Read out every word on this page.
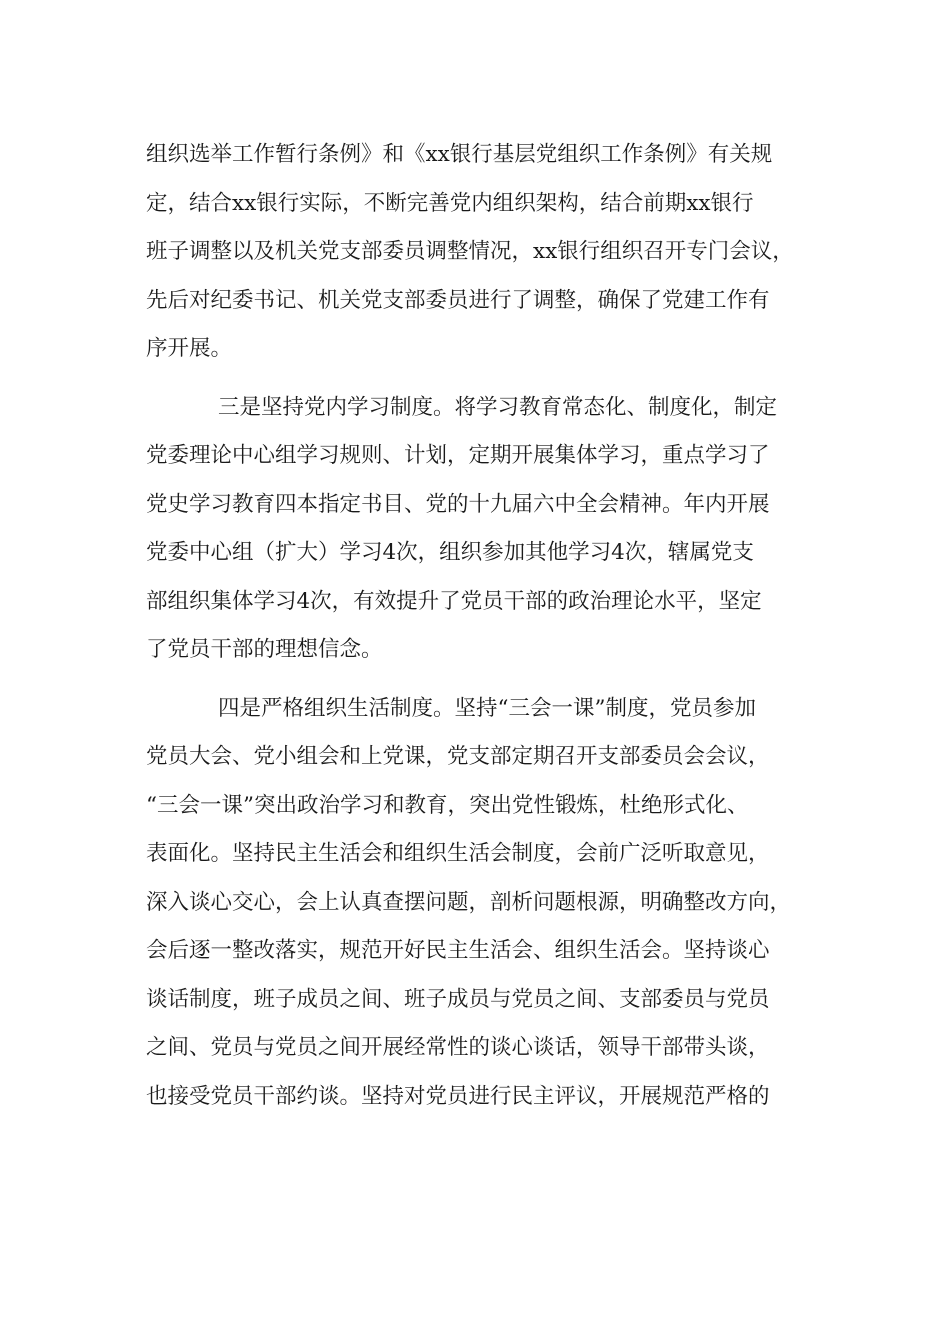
组织选举工作暂行条例》和《xx银行基层党组织工作条例》有关规
定，结合xx银行实际，不断完善党内组织架构，结合前期xx银行
班子调整以及机关党支部委员调整情况，xx银行组织召开专门会议，
先后对纪委书记、机关党支部委员进行了调整，确保了党建工作有
序开展。
三是坚持党内学习制度。将学习教育常态化、制度化，制定
党委理论中心组学习规则、计划，定期开展集体学习，重点学习了
党史学习教育四本指定书目、党的十九届六中全会精神。年内开展
党委中心组（扩大）学习4次，组织参加其他学习4次，辖属党支
部组织集体学习4次，有效提升了党员干部的政治理论水平，坚定
了党员干部的理想信念。
四是严格组织生活制度。坚持“三会一课”制度，党员参加
党员大会、党小组会和上党课，党支部定期召开支部委员会会议，
“三会一课”突出政治学习和教育，突出党性锻炼，杜绝形式化、
表面化。坚持民主生活会和组织生活会制度，会前广泛听取意见，
深入谈心交心，会上认真查摆问题，剖析问题根源，明确整改方向，
会后逐一整改落实，规范开好民主生活会、组织生活会。坚持谈心
谈话制度，班子成员之间、班子成员与党员之间、支部委员与党员
之间、党员与党员之间开展经常性的谈心谈话，领导干部带头谈，
也接受党员干部约谈。坚持对党员进行民主评议，开展规范严格的
